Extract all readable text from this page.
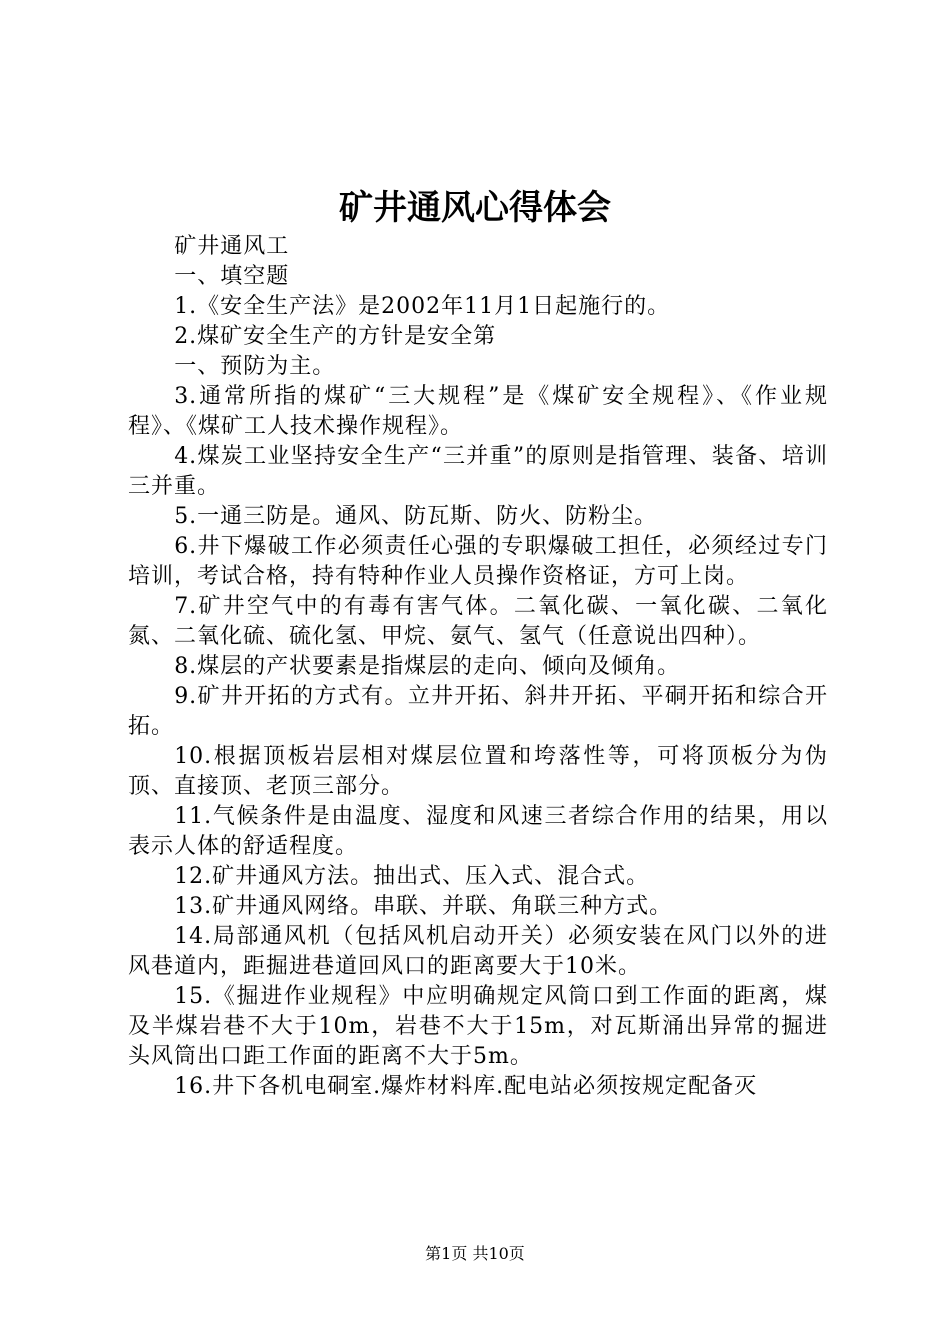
矿井通风心得体会

矿井通风工

一、填空题

1.《安全生产法》是2002年11月1日起施行的。

2.煤矿安全生产的方针是安全第

一、预防为主。

3.通常所指的煤矿“三大规程”是《煤矿安全规程》、《作业规程》、《煤矿工人技术操作规程》。

4.煤炭工业坚持安全生产“三并重”的原则是指管理、装备、培训三并重。

5.一通三防是。通风、防瓦斯、防火、防粉尘。

6.井下爆破工作必须责任心强的专职爆破工担任，必须经过专门培训，考试合格，持有特种作业人员操作资格证，方可上岗。

7.矿井空气中的有毒有害气体。二氧化碳、一氧化碳、二氧化氮、二氧化硫、硫化氢、甲烷、氨气、氢气（任意说出四种）。

8.煤层的产状要素是指煤层的走向、倾向及倾角。

9.矿井开拓的方式有。立井开拓、斜井开拓、平硐开拓和综合开拓。

10.根据顶板岩层相对煤层位置和垮落性等，可将顶板分为伪顶、直接顶、老顶三部分。

11.气候条件是由温度、湿度和风速三者综合作用的结果，用以表示人体的舒适程度。

12.矿井通风方法。抽出式、压入式、混合式。

13.矿井通风网络。串联、并联、角联三种方式。

14.局部通风机（包括风机启动开关）必须安装在风门以外的进风巷道内，距掘进巷道回风口的距离要大于10米。

15.《掘进作业规程》中应明确规定风筒口到工作面的距离，煤及半煤岩巷不大于10m，岩巷不大于15m，对瓦斯涌出异常的掘进头风筒出口距工作面的距离不大于5m。

16.井下各机电硐室.爆炸材料库.配电站必须按规定配备灭

第1页 共10页
